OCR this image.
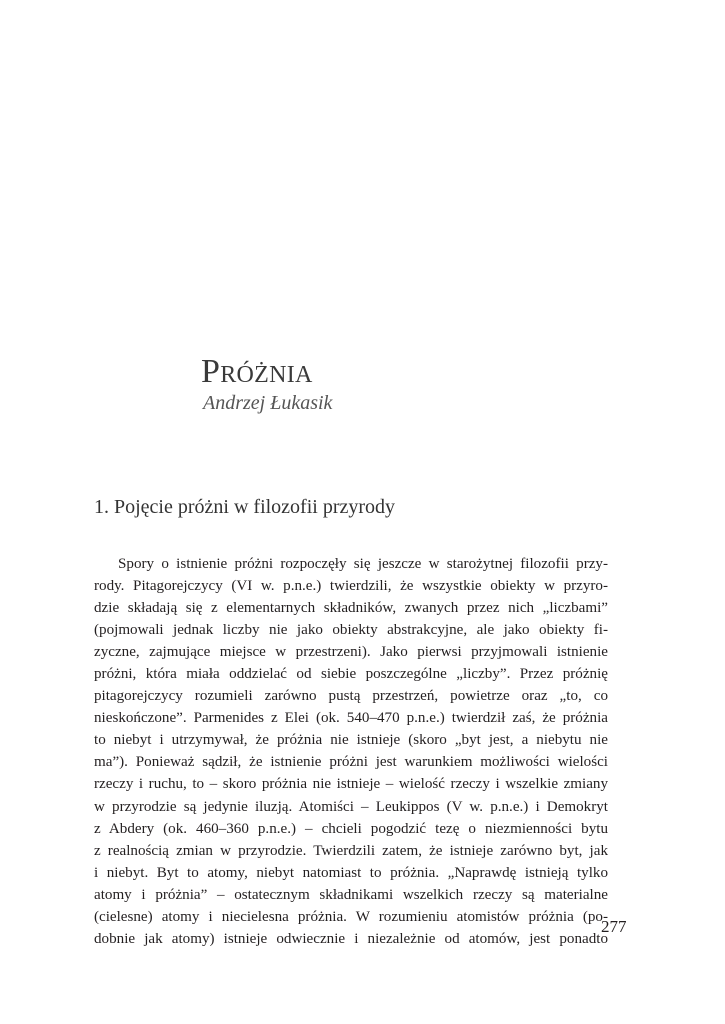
Próżnia

Andrzej Łukasik

1. Pojęcie próżni w filozofii przyrody
Spory o istnienie próżni rozpoczęły się jeszcze w starożytnej filozofii przy-
rody. Pitagorejczycy (VI w. p.n.e.) twierdzili, że wszystkie obiekty w przyro-
dzie składają się z elementarnych składników, zwanych przez nich „liczbami”
(pojmowali jednak liczby nie jako obiekty abstrakcyjne, ale jako obiekty fi-
zyczne, zajmujące miejsce w przestrzeni). Jako pierwsi przyjmowali istnienie
próżni, która miała oddzielać od siebie poszczególne „liczby”. Przez próżnię
pitagorejczycy rozumieli zarówno pustą przestrzeń, powietrze oraz „to, co
nieskończone”. Parmenides z Elei (ok. 540–470 p.n.e.) twierdził zaś, że próżnia
to niebyt i utrzymywał, że próżnia nie istnieje (skoro „byt jest, a niebytu nie
ma”). Ponieważ sądził, że istnienie próżni jest warunkiem możliwości wielości
rzeczy i ruchu, to – skoro próżnia nie istnieje – wielość rzeczy i wszelkie zmiany
w przyrodzie są jedynie iluzją. Atomiści – Leukippos (V w. p.n.e.) i Demokryt
z Abdery (ok. 460–360 p.n.e.) – chcieli pogodzić tezę o niezmienności bytu
z realnością zmian w przyrodzie. Twierdzili zatem, że istnieje zarówno byt, jak
i niebyt. Byt to atomy, niebyt natomiast to próżnia. „Naprawdę istnieją tylko
atomy i próżnia” – ostatecznym składnikami wszelkich rzeczy są materialne
(cielesne) atomy i niecielesna próżnia. W rozumieniu atomistów próżnia (po-
dobnie jak atomy) istnieje odwiecznie i niezależnie od atomów, jest ponadto
277
